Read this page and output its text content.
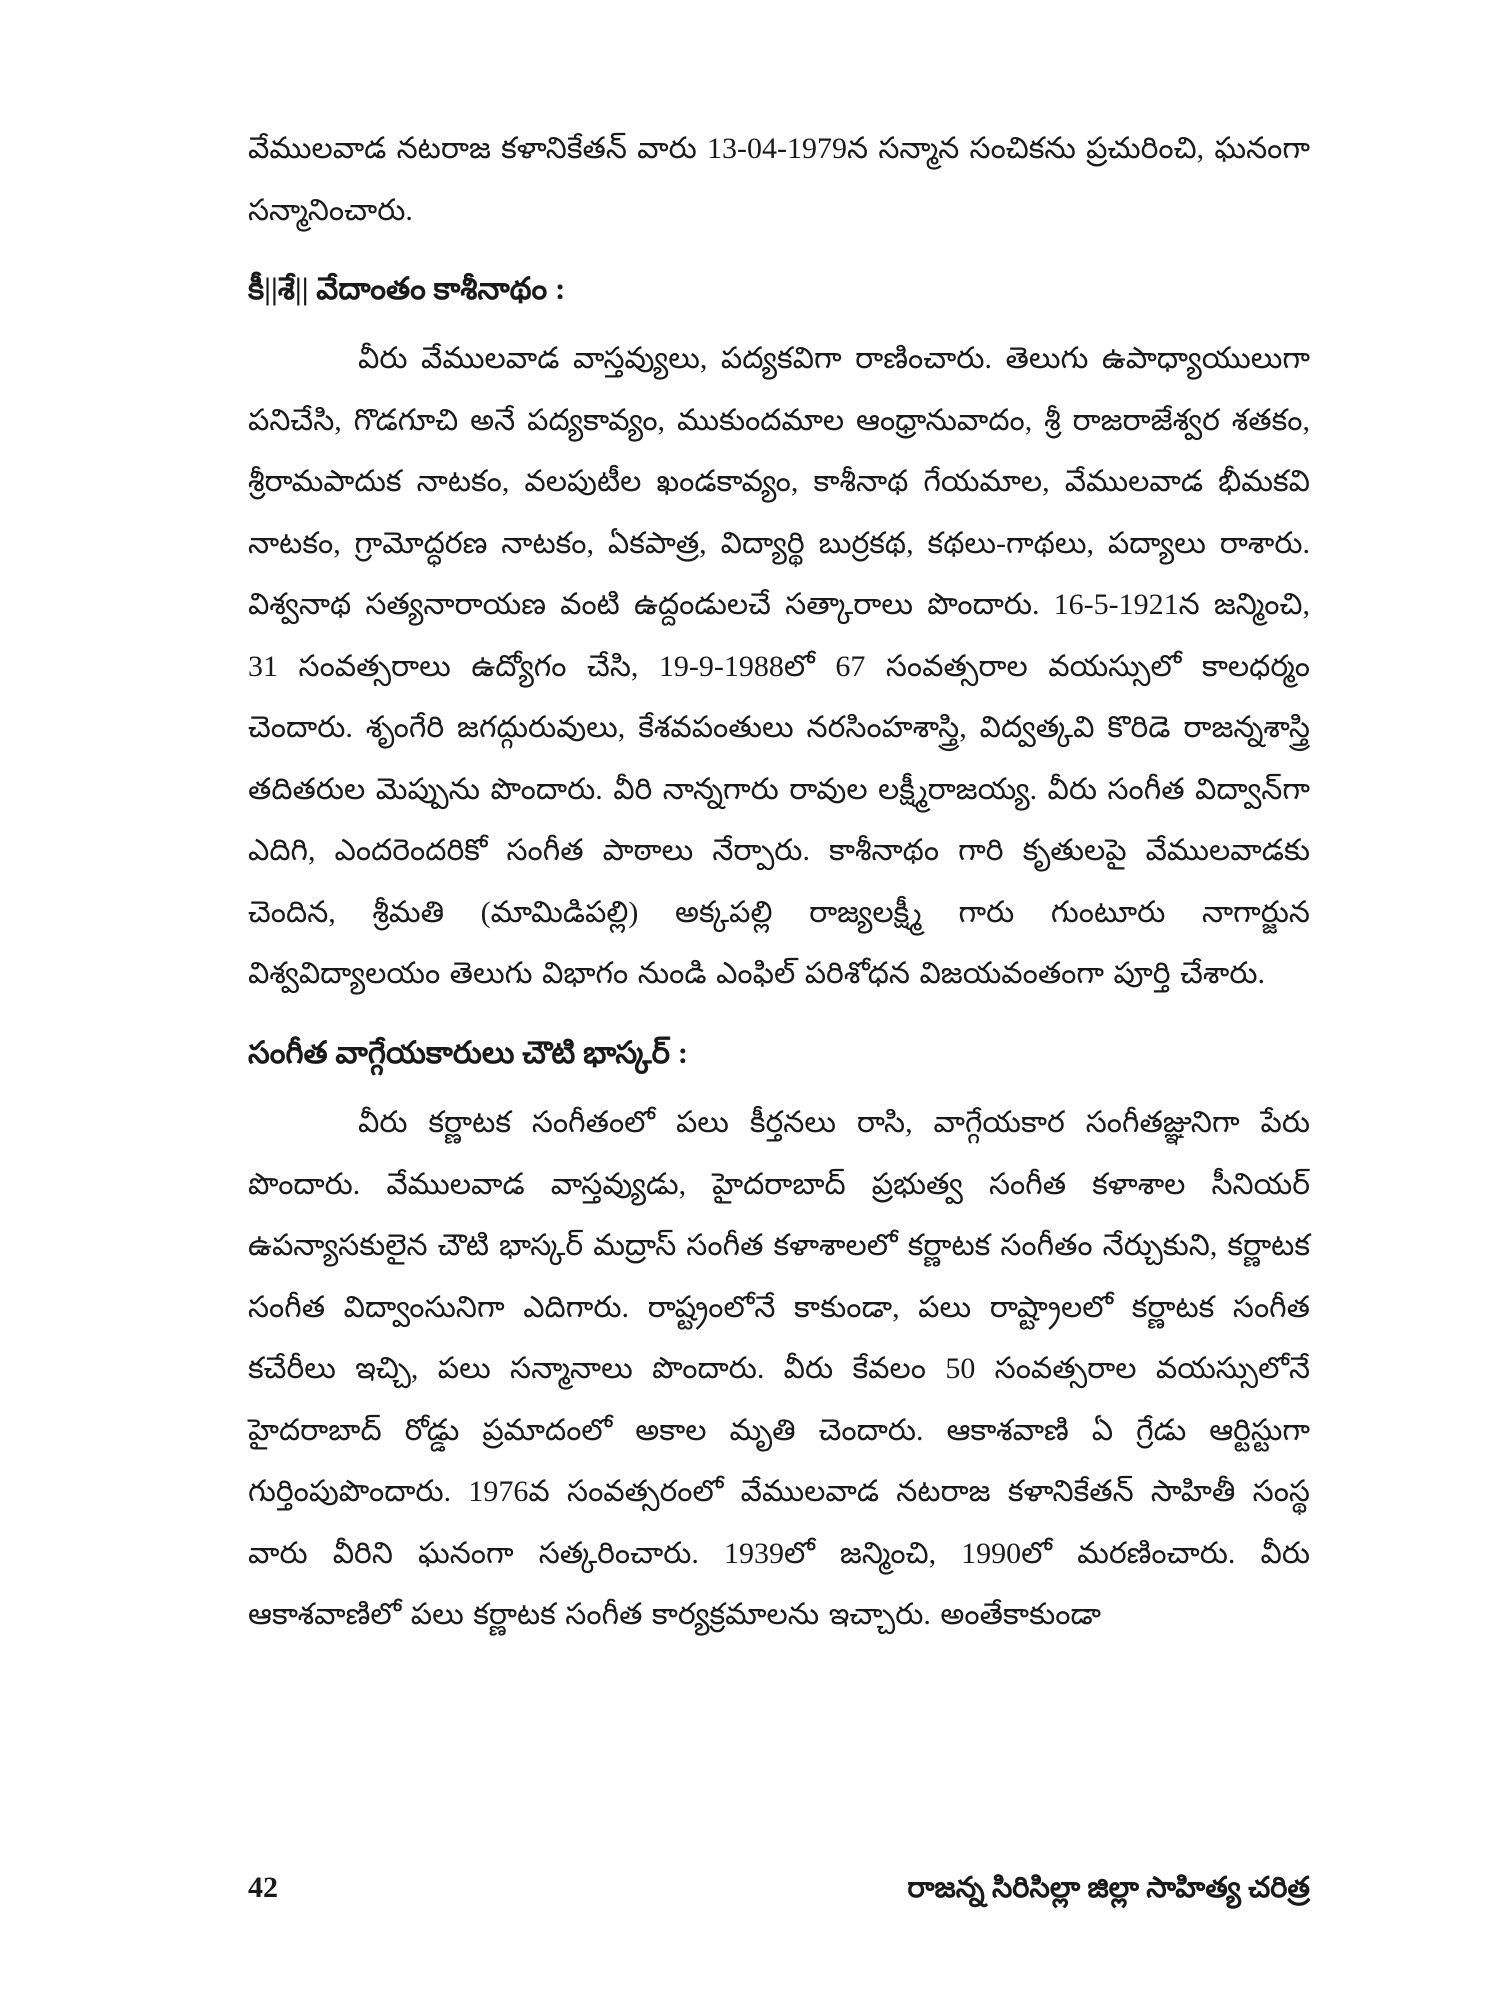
వేములవాడ నటరాజ కళానికేతన్ వారు 13-04-1979న సన్మాన సంచికను ప్రచురించి, ఘనంగా సన్మానించారు.

కీ||శే|| వేదాంతం కాశీనాథం :

వీరు వేములవాడ వాస్తవ్యులు, పద్యకవిగా రాణించారు. తెలుగు ఉపాధ్యాయులుగా పనిచేసి, గొడగూచి అనే పద్యకావ్యం, ముకుందమాల ఆంధ్రానువాదం, శ్రీ రాజరాజేశ్వర శతకం, శ్రీరామపాదుక నాటకం, వలపుటీల ఖండకావ్యం, కాశీనాథ గేయమాల, వేములవాడ భీమకవి నాటకం, గ్రామోద్ధరణ నాటకం, ఏకపాత్ర, విద్యార్థి బుర్రకథ, కథలు-గాథలు, పద్యాలు రాశారు. విశ్వనాథ సత్యనారాయణ వంటి ఉద్దండులచే సత్కారాలు పొందారు. 16-5-1921న జన్మించి, 31 సంవత్సరాలు ఉద్యోగం చేసి, 19-9-1988లో 67 సంవత్సరాల వయస్సులో కాలధర్మం చెందారు. శృంగేరి జగద్గురువులు, కేశవపంతులు నరసింహశాస్త్రి, విద్వత్కవి కొరిడె రాజన్నశాస్త్రి తదితరుల మెప్పును పొందారు. వీరి నాన్నగారు రావుల లక్ష్మీరాజయ్య. వీరు సంగీత విద్వాన్‌గా ఎదిగి, ఎందరెందరికో సంగీత పాఠాలు నేర్పారు. కాశీనాథం గారి కృతులపై వేములవాడకు చెందిన, శ్రీమతి (మామిడిపల్లి) అక్కపల్లి రాజ్యలక్ష్మీ గారు గుంటూరు నాగార్జున విశ్వవిద్యాలయం తెలుగు విభాగం నుండి ఎంఫిల్ పరిశోధన విజయవంతంగా పూర్తి చేశారు.

సంగీత వాగ్గేయకారులు చౌటి భాస్కర్ :

వీరు కర్ణాటక సంగీతంలో పలు కీర్తనలు రాసి, వాగ్గేయకార సంగీతజ్ఞునిగా పేరు పొందారు. వేములవాడ వాస్తవ్యుడు, హైదరాబాద్ ప్రభుత్వ సంగీత కళాశాల సీనియర్ ఉపన్యాసకులైన చౌటి భాస్కర్ మద్రాస్ సంగీత కళాశాలలో కర్ణాటక సంగీతం నేర్చుకుని, కర్ణాటక సంగీత విద్వాంసునిగా ఎదిగారు. రాష్ట్రంలోనే కాకుండా, పలు రాష్ట్రాలలో కర్ణాటక సంగీత కచేరీలు ఇచ్చి, పలు సన్మానాలు పొందారు. వీరు కేవలం 50 సంవత్సరాల వయస్సులోనే హైదరాబాద్ రోడ్డు ప్రమాదంలో అకాల మృతి చెందారు. ఆకాశవాణి ఏ గ్రేడు ఆర్టిస్టుగా గుర్తింపుపొందారు. 1976వ సంవత్సరంలో వేములవాడ నటరాజ కళానికేతన్ సాహితీ సంస్థ వారు వీరిని ఘనంగా సత్కరించారు. 1939లో జన్మించి, 1990లో మరణించారు. వీరు ఆకాశవాణిలో పలు కర్ణాటక సంగీత కార్యక్రమాలను ఇచ్చారు. అంతేకాకుండా

42	రాజన్న సిరిసిల్లా జిల్లా సాహిత్య చరిత్ర
